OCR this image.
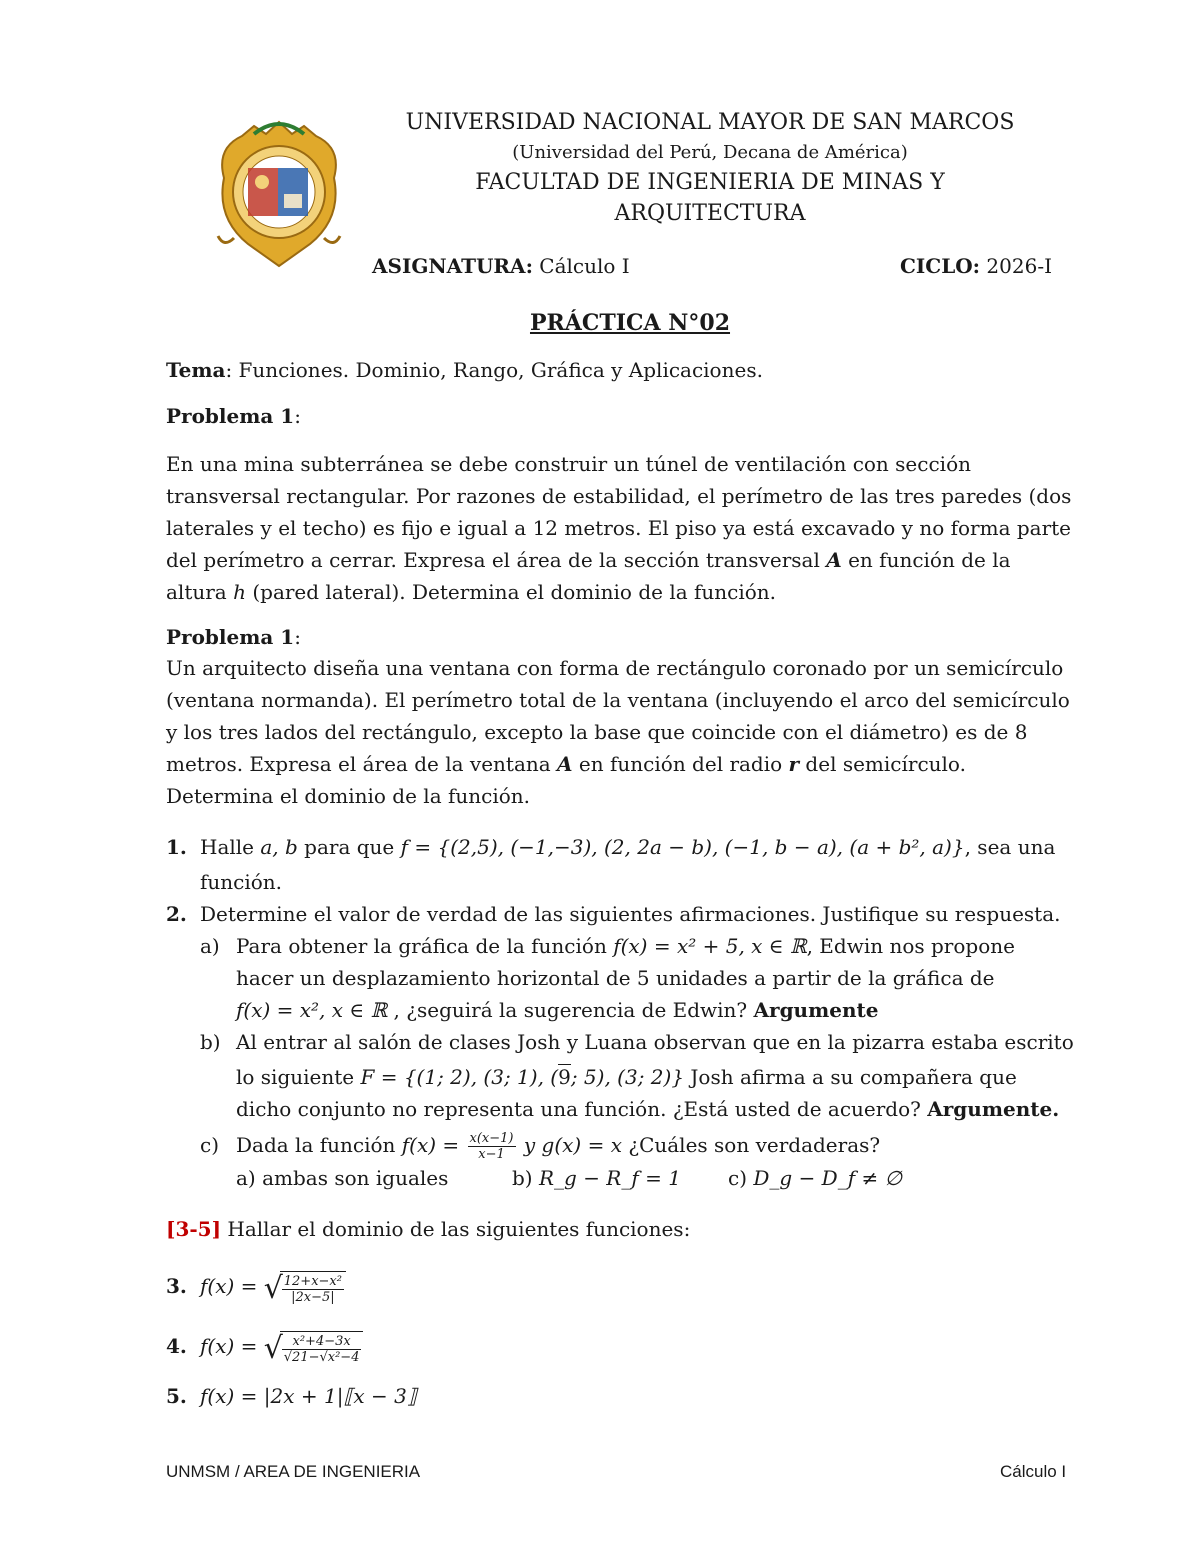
UNIVERSIDAD NACIONAL MAYOR DE SAN MARCOS
(Universidad del Perú, Decana de América)
FACULTAD DE INGENIERIA DE MINAS Y
ARQUITECTURA
ASIGNATURA: Cálculo I	CICLO: 2026-I
PRÁCTICA N°02
Tema: Funciones. Dominio, Rango, Gráfica y Aplicaciones.
Problema 1:
En una mina subterránea se debe construir un túnel de ventilación con sección
transversal rectangular. Por razones de estabilidad, el perímetro de las tres paredes (dos
laterales y el techo) es fijo e igual a 12 metros. El piso ya está excavado y no forma parte
del perímetro a cerrar. Expresa el área de la sección transversal A en función de la
altura h (pared lateral). Determina el dominio de la función.
Problema 1:
Un arquitecto diseña una ventana con forma de rectángulo coronado por un semicírculo
(ventana normanda). El perímetro total de la ventana (incluyendo el arco del semicírculo
y los tres lados del rectángulo, excepto la base que coincide con el diámetro) es de 8
metros. Expresa el área de la ventana A en función del radio r del semicírculo.
Determina el dominio de la función.
1. Halle a, b para que f = {(2,5), (−1,−3), (2, 2a − b), (−1, b − a), (a + b², a)}, sea una
función.
2. Determine el valor de verdad de las siguientes afirmaciones. Justifique su respuesta.
a) Para obtener la gráfica de la función f(x) = x² + 5, x ∈ ℝ, Edwin nos propone
hacer un desplazamiento horizontal de 5 unidades a partir de la gráfica de
f(x) = x², x ∈ ℝ , ¿seguirá la sugerencia de Edwin? Argumente
b) Al entrar al salón de clases Josh y Luana observan que en la pizarra estaba escrito
lo siguiente F = {(1; 2), (3; 1), (9; 5), (3; 2)} Josh afirma a su compañera que
dicho conjunto no representa una función. ¿Está usted de acuerdo? Argumente.
c) Dada la función $f(x) = \frac{x(x-1)}{x-1}$ y g(x) = x ¿Cuáles son verdaderas?
a) ambas son iguales	b) R_g − R_f = 1 c) D_g − D_f ≠ ∅
[3-5] Hallar el dominio de las siguientes funciones:
3. f(x) = √ $\frac{\text{12+x−x²}}{|2x-5|}$
4. f(x) = √ $\frac{\text{x²+4−3x}}{\text{√21−√x²−4}}$
5. f(x) = |2x + 1|⟦x − 3⟧
UNMSM / AREA DE INGENIERIA	Cálculo I
